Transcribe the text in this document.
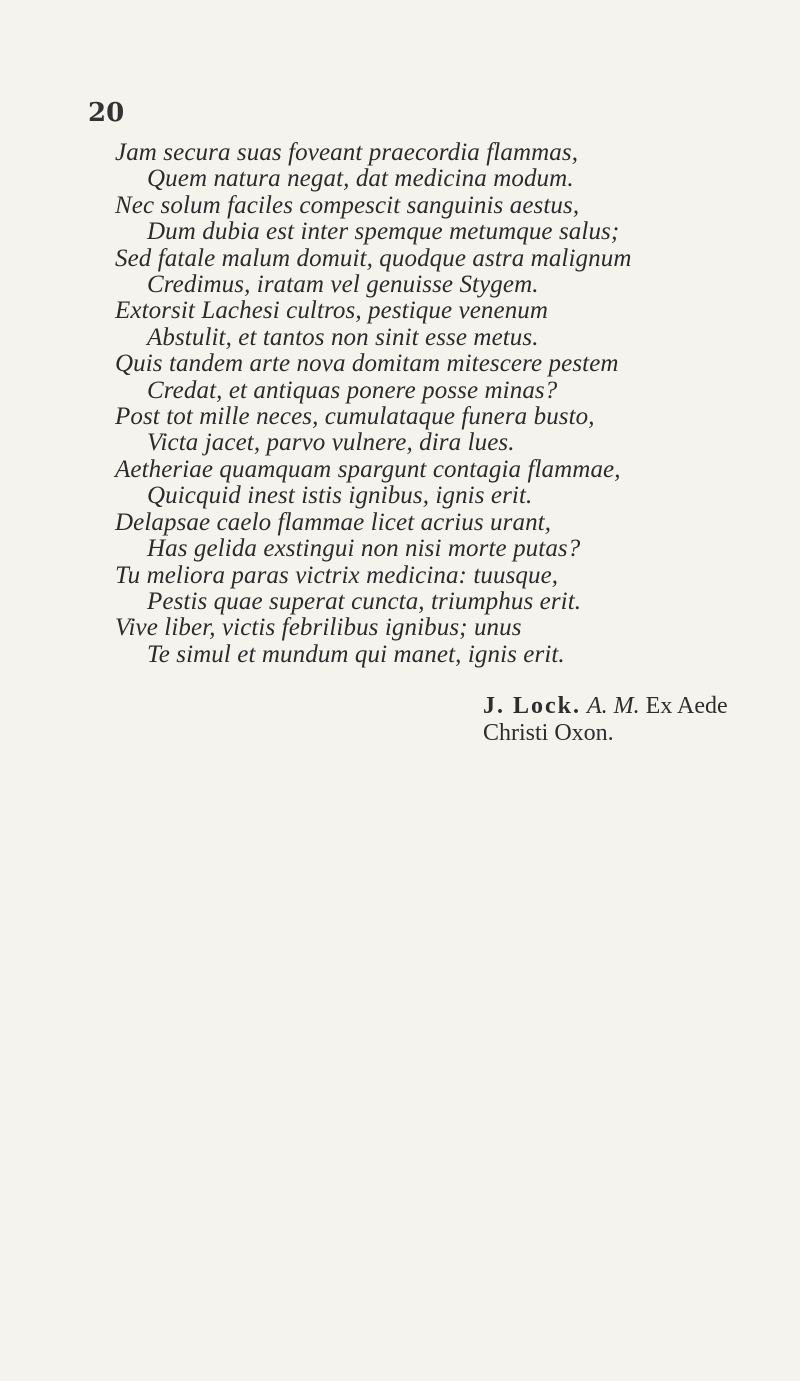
20
Jam secura suas foveant praecordia flammas,
Quem natura negat, dat medicina modum.
Nec solum faciles compescit sanguinis aestus,
Dum dubia est inter spemque metumque salus;
Sed fatale malum domuit, quodque astra malignum
Credimus, iratam vel genuisse Stygem.
Extorsit Lachesi cultros, pestique venenum
Abstulit, et tantos non sinit esse metus.
Quis tandem arte nova domitam mitescere pestem
Credat, et antiquas ponere posse minas?
Post tot mille neces, cumulataque funera busto,
Victa jacet, parvo vulnere, dira lues.
Aetheriae quamquam spargunt contagia flammae,
Quicquid inest istis ignibus, ignis erit.
Delapsae caelo flammae licet acrius urant,
Has gelida exstingui non nisi morte putas?
Tu meliora paras victrix medicina: tuusque,
Pestis quae superat cuncta, triumphus erit.
Vive liber, victis febrilibus ignibus; unus
Te simul et mundum qui manet, ignis erit.
J. Lock. A. M. Ex Aede
Christi Oxon.
